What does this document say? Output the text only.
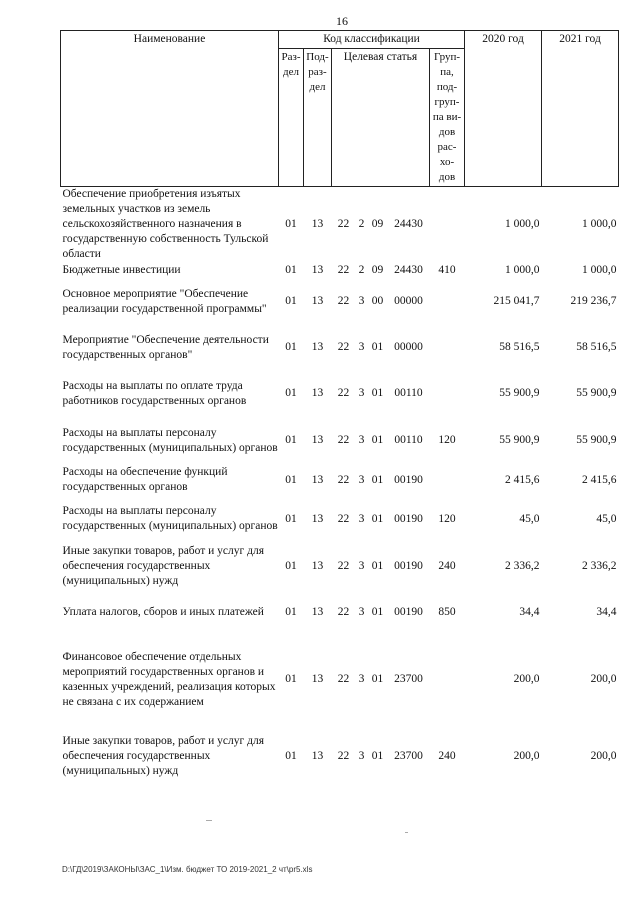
16
Наименование	Код классификации							2020 год	2021 год
	Раз-дел	Под-раз-дел	Целевая статья				Груп-па, под-груп-па ви-дов рас-хо-дов		
Обеспечение приобретения изъятых земельных участков из земель сельскохозяйственного назначения в государственную собственность Тульской области	01	13	22	2	09	24430		1 000,0	1 000,0
Бюджетные инвестиции	01	13	22	2	09	24430	410	1 000,0	1 000,0
Основное мероприятие "Обеспечение реализации государственной программы"	01	13	22	3	00	00000		215 041,7	219 236,7
Мероприятие "Обеспечение деятельности государственных органов"	01	13	22	3	01	00000		58 516,5	58 516,5
Расходы на выплаты по оплате труда работников государственных органов	01	13	22	3	01	00110		55 900,9	55 900,9
Расходы на выплаты персоналу государственных (муниципальных) органов	01	13	22	3	01	00110	120	55 900,9	55 900,9
Расходы на обеспечение функций государственных органов	01	13	22	3	01	00190		2 415,6	2 415,6
Расходы на выплаты персоналу государственных (муниципальных) органов	01	13	22	3	01	00190	120	45,0	45,0
Иные закупки товаров, работ и услуг для обеспечения государственных (муниципальных) нужд	01	13	22	3	01	00190	240	2 336,2	2 336,2
Уплата налогов, сборов и иных платежей	01	13	22	3	01	00190	850	34,4	34,4
Финансовое обеспечение отдельных мероприятий государственных органов и казенных учреждений, реализация которых не связана с их содержанием	01	13	22	3	01	23700		200,0	200,0
Иные закупки товаров, работ и услуг для обеспечения государственных (муниципальных) нужд	01	13	22	3	01	23700	240	200,0	200,0
D:\ГД\2019\ЗАКОНЫ\ЗАС_1\Изм. бюджет ТО 2019-2021_2 чт\pr5.xls
